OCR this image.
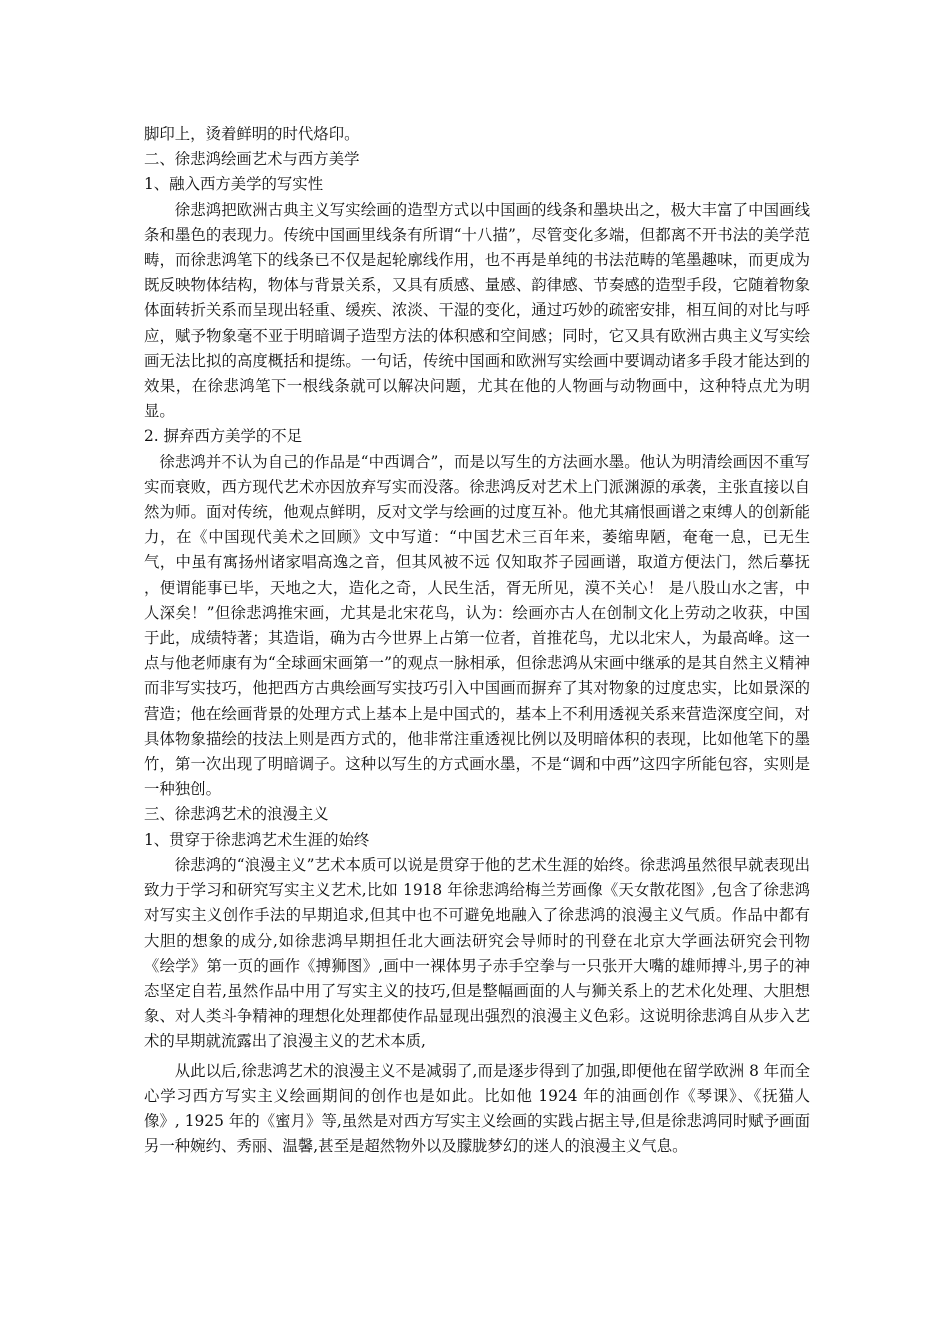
脚印上，烫着鲜明的时代烙印。

二、徐悲鸿绘画艺术与西方美学

1、融入西方美学的写实性

徐悲鸿把欧洲古典主义写实绘画的造型方式以中国画的线条和墨块出之，极大丰富了中国画线条和墨色的表现力。传统中国画里线条有所谓“十八描”，尽管变化多端，但都离不开书法的美学范畴，而徐悲鸿笔下的线条已不仅是起轮廓线作用，也不再是单纯的书法范畴的笔墨趣味，而更成为既反映物体结构，物体与背景关系，又具有质感、量感、韵律感、节奏感的造型手段，它随着物象体面转折关系而呈现出轻重、缓疾、浓淡、干湿的变化，通过巧妙的疏密安排，相互间的对比与呼应，赋予物象毫不亚于明暗调子造型方法的体积感和空间感；同时，它又具有欧洲古典主义写实绘画无法比拟的高度概括和提练。一句话，传统中国画和欧洲写实绘画中要调动诸多手段才能达到的效果，在徐悲鸿笔下一根线条就可以解决问题，尤其在他的人物画与动物画中，这种特点尤为明显。

2. 摒弃西方美学的不足

徐悲鸿并不认为自己的作品是“中西调合”，而是以写生的方法画水墨。他认为明清绘画因不重写实而衰败，西方现代艺术亦因放弃写实而没落。徐悲鸿反对艺术上门派渊源的承袭，主张直接以自然为师。面对传统，他观点鲜明，反对文学与绘画的过度互补。他尤其痛恨画谱之束缚人的创新能力，在《中国现代美术之回顾》文中写道：“中国艺术三百年来，萎缩卑陋，奄奄一息，已无生气，中虽有寓扬州诸家唱高逸之音，但其风被不远 仅知取芥子园画谱，取道方便法门，然后摹抚 ，便谓能事已毕，天地之大，造化之奇，人民生活，胥无所见，漠不关心！ 是八股山水之害，中人深矣！”但徐悲鸿推宋画，尤其是北宋花鸟，认为：绘画亦古人在创制文化上劳动之收获，中国于此，成绩特著；其造诣，确为古今世界上占第一位者，首推花鸟，尤以北宋人，为最高峰。这一点与他老师康有为“全球画宋画第一”的观点一脉相承，但徐悲鸿从宋画中继承的是其自然主义精神而非写实技巧，他把西方古典绘画写实技巧引入中国画而摒弃了其对物象的过度忠实，比如景深的营造；他在绘画背景的处理方式上基本上是中国式的，基本上不利用透视关系来营造深度空间，对具体物象描绘的技法上则是西方式的，他非常注重透视比例以及明暗体积的表现，比如他笔下的墨竹，第一次出现了明暗调子。这种以写生的方式画水墨，不是“调和中西”这四字所能包容，实则是一种独创。

三、徐悲鸿艺术的浪漫主义

1、贯穿于徐悲鸿艺术生涯的始终

徐悲鸿的“浪漫主义”艺术本质可以说是贯穿于他的艺术生涯的始终。徐悲鸿虽然很早就表现出致力于学习和研究写实主义艺术,比如 1918 年徐悲鸿给梅兰芳画像《天女散花图》,包含了徐悲鸿对写实主义创作手法的早期追求,但其中也不可避免地融入了徐悲鸿的浪漫主义气质。作品中都有大胆的想象的成分,如徐悲鸿早期担任北大画法研究会导师时的刊登在北京大学画法研究会刊物《绘学》第一页的画作《搏狮图》,画中一裸体男子赤手空拳与一只张开大嘴的雄师搏斗,男子的神态坚定自若,虽然作品中用了写实主义的技巧,但是整幅画面的人与狮关系上的艺术化处理、大胆想象、对人类斗争精神的理想化处理都使作品显现出强烈的浪漫主义色彩。这说明徐悲鸿自从步入艺术的早期就流露出了浪漫主义的艺术本质,

从此以后,徐悲鸿艺术的浪漫主义不是减弱了,而是逐步得到了加强,即便他在留学欧洲 8 年而全心学习西方写实主义绘画期间的创作也是如此。比如他 1924 年的油画创作《琴课》、《抚猫人像》, 1925 年的《蜜月》等,虽然是对西方写实主义绘画的实践占据主导,但是徐悲鸿同时赋予画面另一种婉约、秀丽、温馨,甚至是超然物外以及朦胧梦幻的迷人的浪漫主义气息。
